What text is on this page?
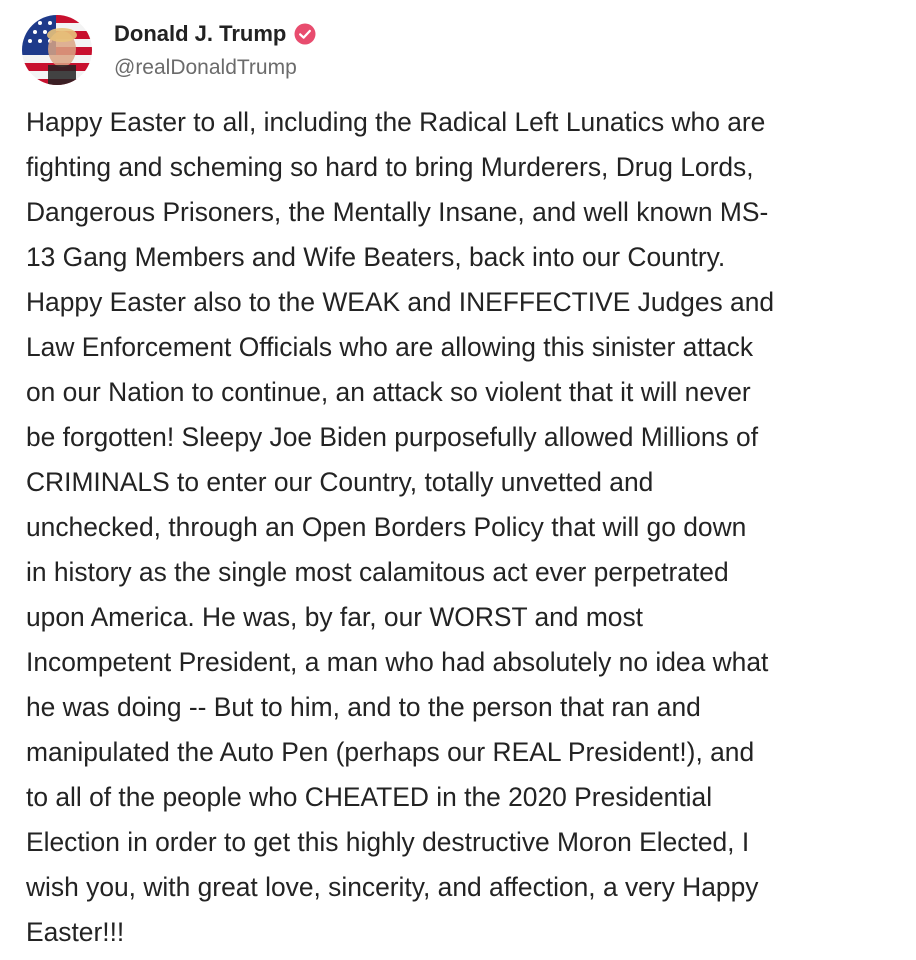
Donald J. Trump
@realDonaldTrump

Happy Easter to all, including the Radical Left Lunatics who are

fighting and scheming so hard to bring Murderers, Drug Lords,

Dangerous Prisoners, the Mentally Insane, and well known MS-

13 Gang Members and Wife Beaters, back into our Country.

Happy Easter also to the WEAK and INEFFECTIVE Judges and

Law Enforcement Officials who are allowing this sinister attack

on our Nation to continue, an attack so violent that it will never

be forgotten! Sleepy Joe Biden purposefully allowed Millions of

CRIMINALS to enter our Country, totally unvetted and

unchecked, through an Open Borders Policy that will go down

in history as the single most calamitous act ever perpetrated

upon America. He was, by far, our WORST and most

Incompetent President, a man who had absolutely no idea what

he was doing -- But to him, and to the person that ran and

manipulated the Auto Pen (perhaps our REAL President!), and

to all of the people who CHEATED in the 2020 Presidential

Election in order to get this highly destructive Moron Elected, I

wish you, with great love, sincerity, and affection, a very Happy

Easter!!!
